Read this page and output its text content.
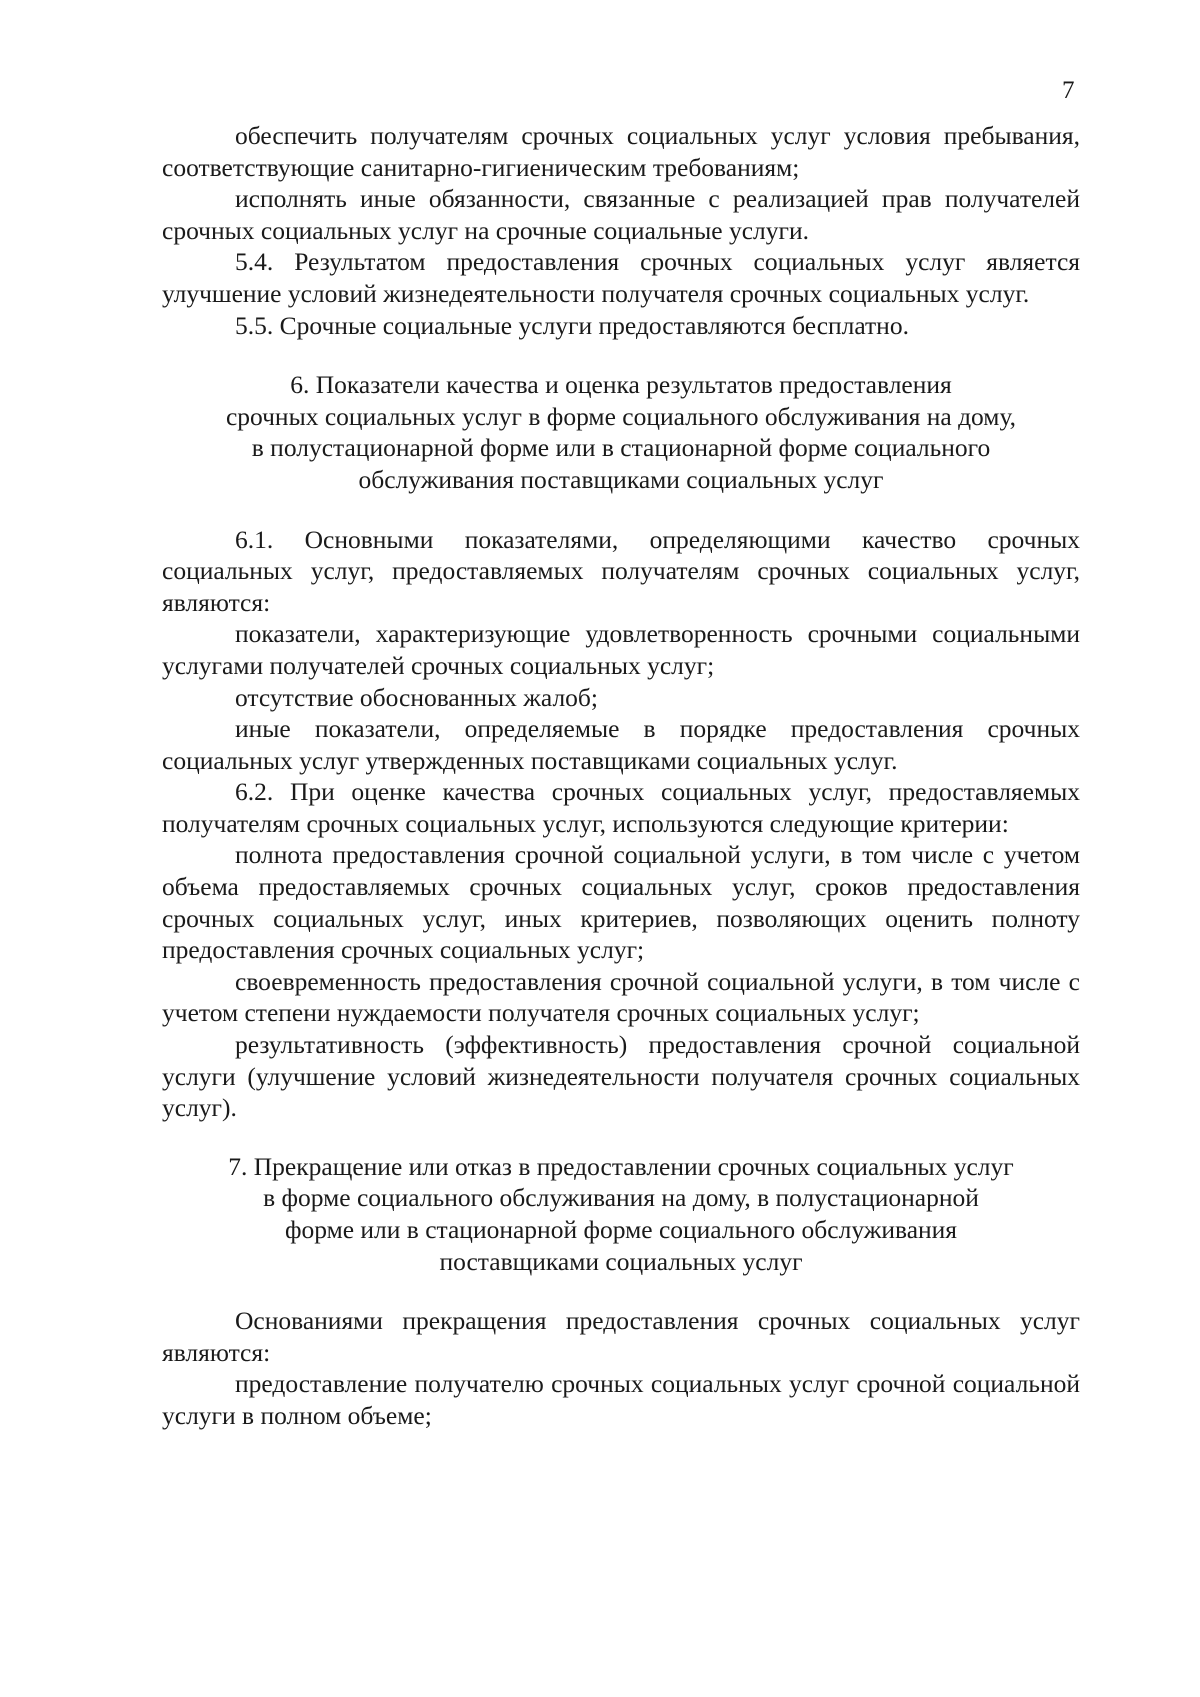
7

обеспечить получателям срочных социальных услуг условия пребывания, соответствующие санитарно-гигиеническим требованиям;

исполнять иные обязанности, связанные с реализацией прав получателей срочных социальных услуг на срочные социальные услуги.

5.4. Результатом предоставления срочных социальных услуг является улучшение условий жизнедеятельности получателя срочных социальных услуг.

5.5. Срочные социальные услуги предоставляются бесплатно.

6. Показатели качества и оценка результатов предоставления
срочных социальных услуг в форме социального обслуживания на дому,
в полустационарной форме или в стационарной форме социального
обслуживания поставщиками социальных услуг

6.1. Основными показателями, определяющими качество срочных социальных услуг, предоставляемых получателям срочных социальных услуг, являются:

показатели, характеризующие удовлетворенность срочными социальными услугами получателей срочных социальных услуг;

отсутствие обоснованных жалоб;

иные показатели, определяемые в порядке предоставления срочных социальных услуг утвержденных поставщиками социальных услуг.

6.2. При оценке качества срочных социальных услуг, предоставляемых получателям срочных социальных услуг, используются следующие критерии:

полнота предоставления срочной социальной услуги, в том числе с учетом объема предоставляемых срочных социальных услуг, сроков предоставления срочных социальных услуг, иных критериев, позволяющих оценить полноту предоставления срочных социальных услуг;

своевременность предоставления срочной социальной услуги, в том числе с учетом степени нуждаемости получателя срочных социальных услуг;

результативность (эффективность) предоставления срочной социальной услуги (улучшение условий жизнедеятельности получателя срочных социальных услуг).

7. Прекращение или отказ в предоставлении срочных социальных услуг
в форме социального обслуживания на дому, в полустационарной
форме или в стационарной форме социального обслуживания
поставщиками социальных услуг

Основаниями прекращения предоставления срочных социальных услуг являются:

предоставление получателю срочных социальных услуг срочной социальной услуги в полном объеме;
